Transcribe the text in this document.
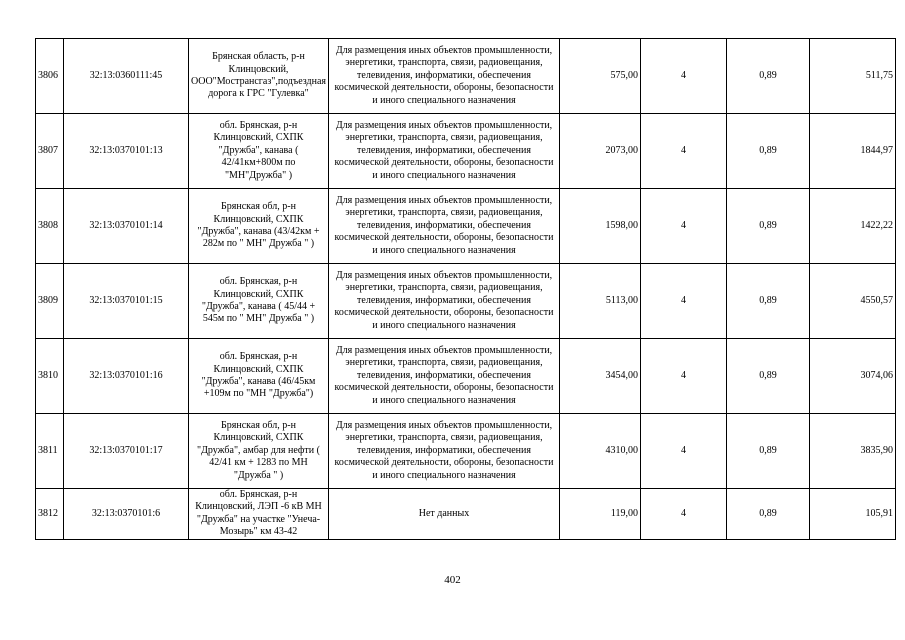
3806	32:13:0360111:45	Брянская область, р-н Клинцовский, ООО"Мострансгаз",подъездная дорога к ГРС "Гулевка"	Для размещения иных объектов промышленности, энергетики, транспорта, связи, радиовещания, телевидения, информатики, обеспечения космической деятельности, обороны, безопасности и иного специального назначения	575,00	4	0,89	511,75
3807	32:13:0370101:13	обл. Брянская, р-н Клинцовский, СХПК "Дружба", канава ( 42/41км+800м по "МН"Дружба" )	Для размещения иных объектов промышленности, энергетики, транспорта, связи, радиовещания, телевидения, информатики, обеспечения космической деятельности, обороны, безопасности и иного специального назначения	2073,00	4	0,89	1844,97
3808	32:13:0370101:14	Брянская обл, р-н Клинцовский, СХПК "Дружба", канава (43/42км + 282м по " МН" Дружба " )	Для размещения иных объектов промышленности, энергетики, транспорта, связи, радиовещания, телевидения, информатики, обеспечения космической деятельности, обороны, безопасности и иного специального назначения	1598,00	4	0,89	1422,22
3809	32:13:0370101:15	обл. Брянская, р-н Клинцовский, СХПК "Дружба", канава ( 45/44 + 545м по " МН" Дружба " )	Для размещения иных объектов промышленности, энергетики, транспорта, связи, радиовещания, телевидения, информатики, обеспечения космической деятельности, обороны, безопасности и иного специального назначения	5113,00	4	0,89	4550,57
3810	32:13:0370101:16	обл. Брянская, р-н Клинцовский, СХПК "Дружба", канава (46/45км +109м по "МН "Дружба")	Для размещения иных объектов промышленности, энергетики, транспорта, связи, радиовещания, телевидения, информатики, обеспечения космической деятельности, обороны, безопасности и иного специального назначения	3454,00	4	0,89	3074,06
3811	32:13:0370101:17	Брянская обл, р-н Клинцовский, СХПК "Дружба", амбар для нефти ( 42/41 км + 1283 по МН "Дружба " )	Для размещения иных объектов промышленности, энергетики, транспорта, связи, радиовещания, телевидения, информатики, обеспечения космической деятельности, обороны, безопасности и иного специального назначения	4310,00	4	0,89	3835,90
3812	32:13:0370101:6	обл. Брянская, р-н Клинцовский, ЛЭП -6 кВ МН "Дружба" на участке "Унеча-Мозырь" км 43-42	Нет данных	119,00	4	0,89	105,91
402
